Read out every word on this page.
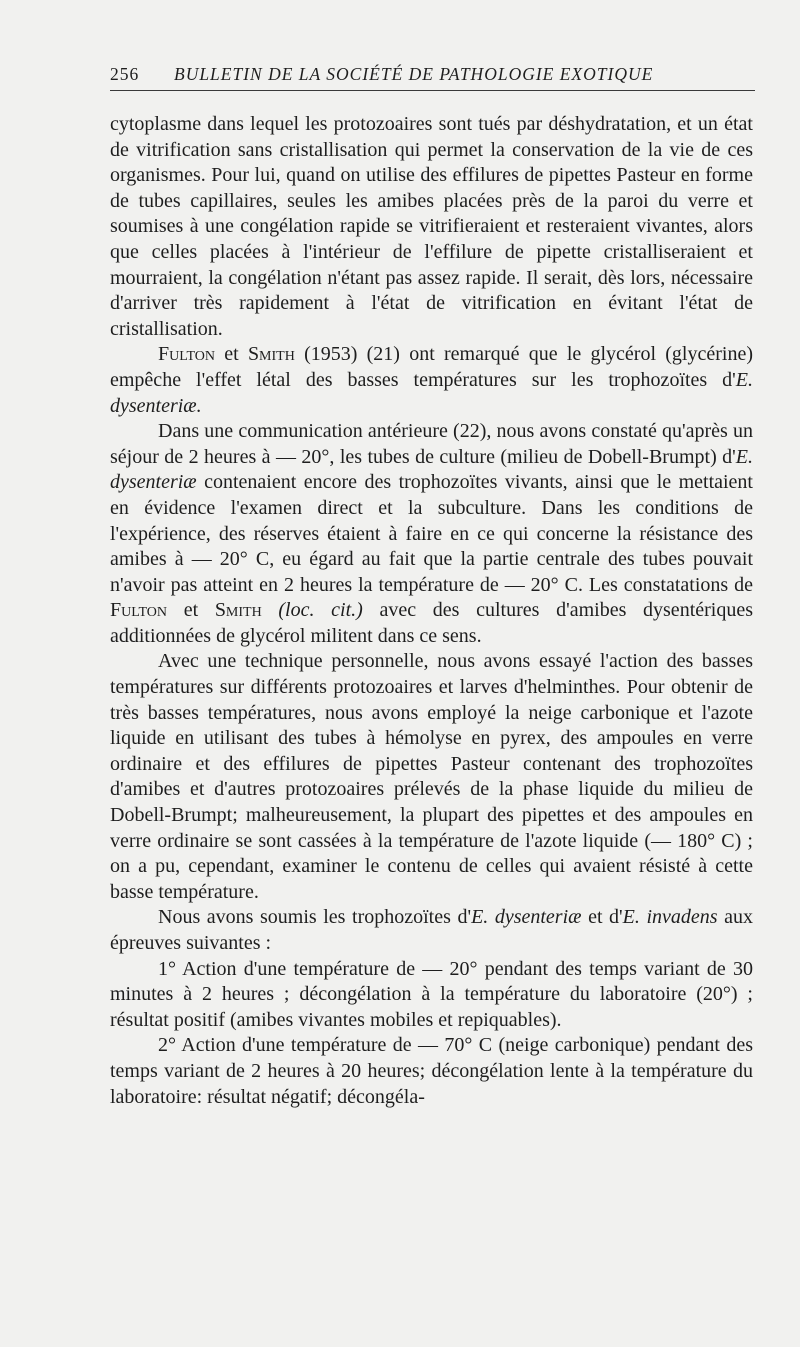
256 BULLETIN DE LA SOCIÉTÉ DE PATHOLOGIE EXOTIQUE

cytoplasme dans lequel les protozoaires sont tués par déshydratation, et un état de vitrification sans cristallisation qui permet la conservation de la vie de ces organismes. Pour lui, quand on utilise des effilures de pipettes Pasteur en forme de tubes capillaires, seules les amibes placées près de la paroi du verre et soumises à une congélation rapide se vitrifieraient et resteraient vivantes, alors que celles placées à l'intérieur de l'effilure de pipette cristalliseraient et mourraient, la congélation n'étant pas assez rapide. Il serait, dès lors, nécessaire d'arriver très rapidement à l'état de vitrification en évitant l'état de cristallisation.

Fulton et Smith (1953) (21) ont remarqué que le glycérol (glycérine) empêche l'effet létal des basses températures sur les trophozoïtes d'E. dysenteriæ.

Dans une communication antérieure (22), nous avons constaté qu'après un séjour de 2 heures à — 20°, les tubes de culture (milieu de Dobell-Brumpt) d'E. dysenteriæ contenaient encore des trophozoïtes vivants, ainsi que le mettaient en évidence l'examen direct et la subculture. Dans les conditions de l'expérience, des réserves étaient à faire en ce qui concerne la résistance des amibes à — 20° C, eu égard au fait que la partie centrale des tubes pouvait n'avoir pas atteint en 2 heures la température de — 20° C. Les constatations de Fulton et Smith (loc. cit.) avec des cultures d'amibes dysentériques additionnées de glycérol militent dans ce sens.

Avec une technique personnelle, nous avons essayé l'action des basses températures sur différents protozoaires et larves d'helminthes. Pour obtenir de très basses températures, nous avons employé la neige carbonique et l'azote liquide en utilisant des tubes à hémolyse en pyrex, des ampoules en verre ordinaire et des effilures de pipettes Pasteur contenant des trophozoïtes d'amibes et d'autres protozoaires prélevés de la phase liquide du milieu de Dobell-Brumpt; malheureusement, la plupart des pipettes et des ampoules en verre ordinaire se sont cassées à la température de l'azote liquide (— 180° C) ; on a pu, cependant, examiner le contenu de celles qui avaient résisté à cette basse température.

Nous avons soumis les trophozoïtes d'E. dysenteriæ et d'E. invadens aux épreuves suivantes :

1° Action d'une température de — 20° pendant des temps variant de 30 minutes à 2 heures ; décongélation à la température du laboratoire (20°) ; résultat positif (amibes vivantes mobiles et repiquables).

2° Action d'une température de — 70° C (neige carbonique) pendant des temps variant de 2 heures à 20 heures; décongélation lente à la température du laboratoire: résultat négatif; décongéla-
